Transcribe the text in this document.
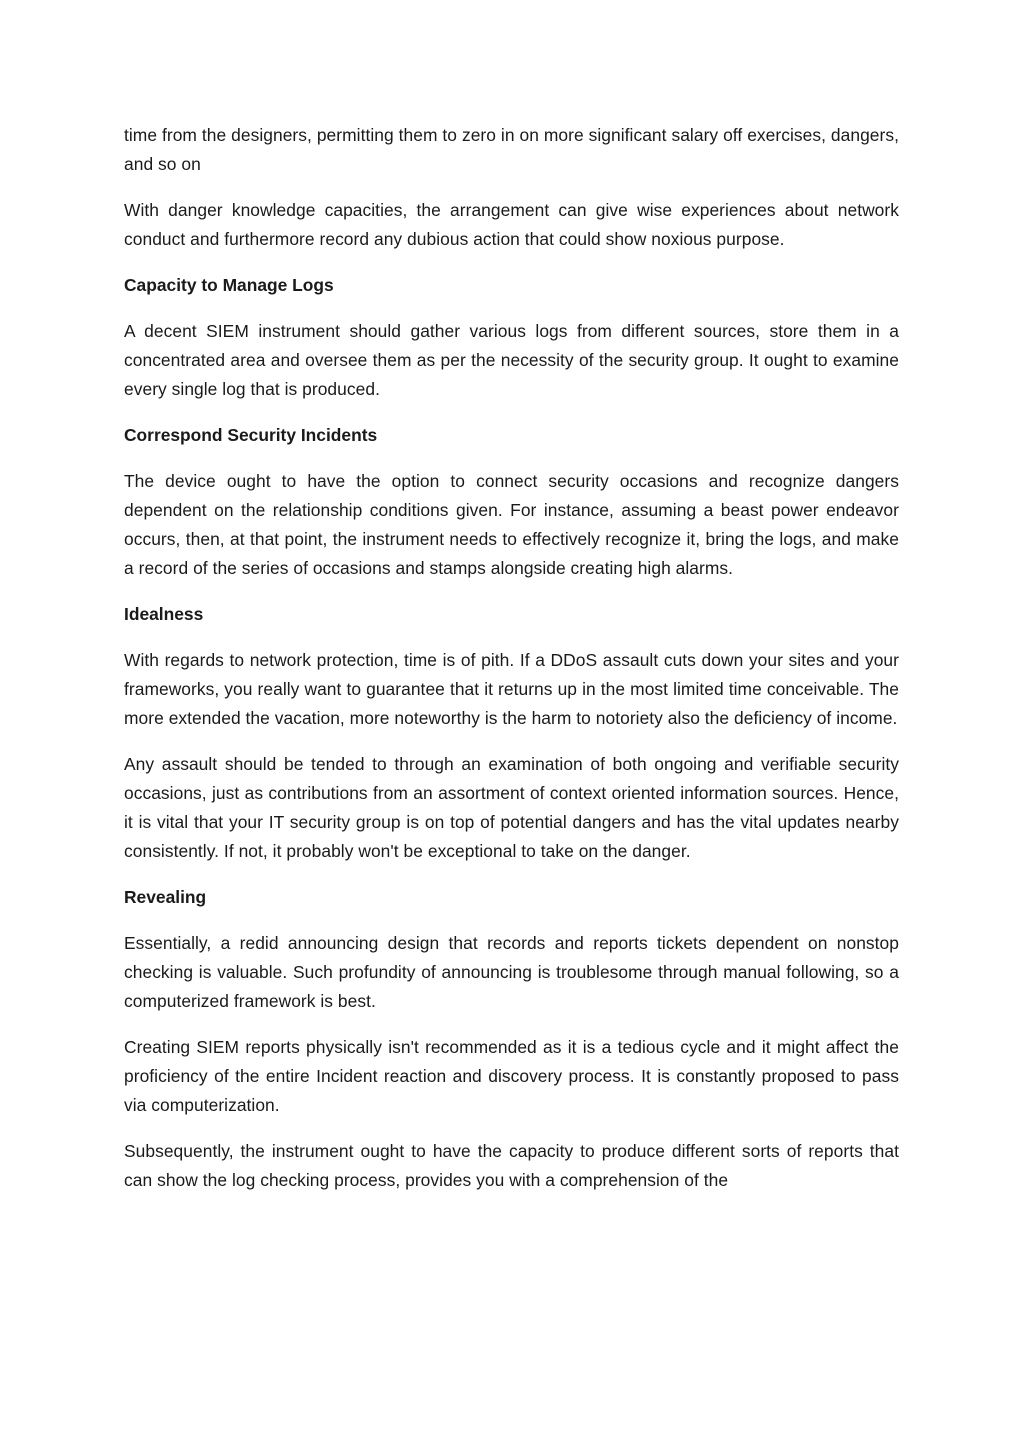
time from the designers, permitting them to zero in on more significant salary off exercises, dangers, and so on

With danger knowledge capacities, the arrangement can give wise experiences about network conduct and furthermore record any dubious action that could show noxious purpose.

Capacity to Manage Logs

A decent SIEM instrument should gather various logs from different sources, store them in a concentrated area and oversee them as per the necessity of the security group. It ought to examine every single log that is produced.

Correspond Security Incidents

The device ought to have the option to connect security occasions and recognize dangers dependent on the relationship conditions given. For instance, assuming a beast power endeavor occurs, then, at that point, the instrument needs to effectively recognize it, bring the logs, and make a record of the series of occasions and stamps alongside creating high alarms.

Idealness

With regards to network protection, time is of pith. If a DDoS assault cuts down your sites and your frameworks, you really want to guarantee that it returns up in the most limited time conceivable. The more extended the vacation, more noteworthy is the harm to notoriety also the deficiency of income.

Any assault should be tended to through an examination of both ongoing and verifiable security occasions, just as contributions from an assortment of context oriented information sources. Hence, it is vital that your IT security group is on top of potential dangers and has the vital updates nearby consistently. If not, it probably won't be exceptional to take on the danger.

Revealing

Essentially, a redid announcing design that records and reports tickets dependent on nonstop checking is valuable. Such profundity of announcing is troublesome through manual following, so a computerized framework is best.

Creating SIEM reports physically isn't recommended as it is a tedious cycle and it might affect the proficiency of the entire Incident reaction and discovery process. It is constantly proposed to pass via computerization.

Subsequently, the instrument ought to have the capacity to produce different sorts of reports that can show the log checking process, provides you with a comprehension of the
